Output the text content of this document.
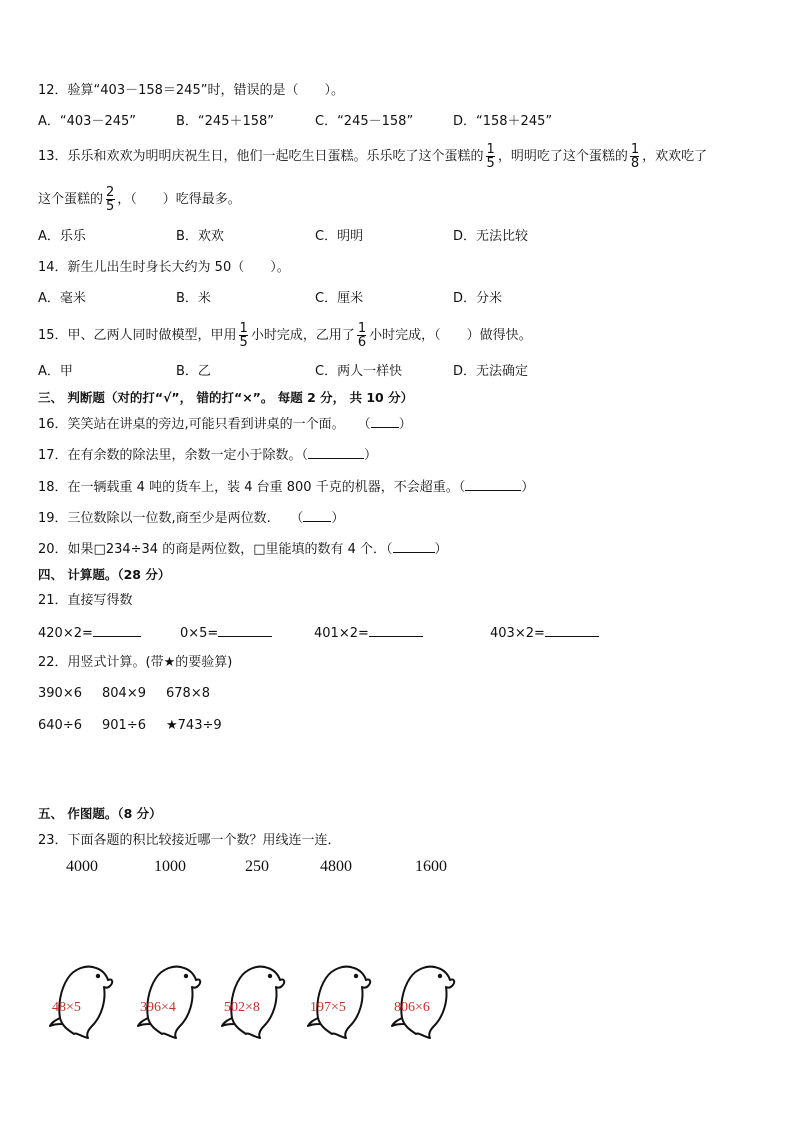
12．验算“403－158＝245”时，错误的是（　　）。
A．“403－245”	B．“245＋158”	C．“245－158”	D．“158＋245”
13．乐乐和欢欢为明明庆祝生日，他们一起吃生日蛋糕。乐乐吃了这个蛋糕的 $\frac{1}{5}$ ，明明吃了这个蛋糕的 $\frac{1}{8}$ ，欢欢吃了
这个蛋糕的 $\frac{2}{5}$ ，（　　）吃得最多。
A．乐乐	B．欢欢	C．明明	D．无法比较
14．新生儿出生时身长大约为 50（　　）。
A．毫米	B．米	C．厘米	D．分米
15．甲、乙两人同时做模型，甲用 $\frac{1}{5}$ 小时完成，乙用了 $\frac{1}{6}$ 小时完成，（　　）做得快。
A．甲	B．乙	C．两人一样快	D．无法确定
三、 判断题（对的打“√”， 错的打“×”。 每题 2 分， 共 10 分）
16．笑笑站在讲桌的旁边,可能只看到讲桌的一个面。　　（ ）
17．在有余数的除法里，余数一定小于除数。（	）
18．在一辆载重 4 吨的货车上，装 4 台重 800 千克的机器，不会超重。（	）
19．三位数除以一位数,商至少是两位数.　　（ ）
20．如果□234÷34 的商是两位数，□里能填的数有 4 个．（	）
四、 计算题。（28 分）
21．直接写得数
420×2=	0×5=	401×2=	403×2=
22．用竖式计算。(带★的要验算)
390×6 804×9 678×8
640÷6 901÷6 ★743÷9
五、 作图题。（8 分）
23．下面各题的积比较接近哪一个数？用线连一连．
4000	1000	250	4800	1600
48×5	396×4	502×8	197×5	806×6
